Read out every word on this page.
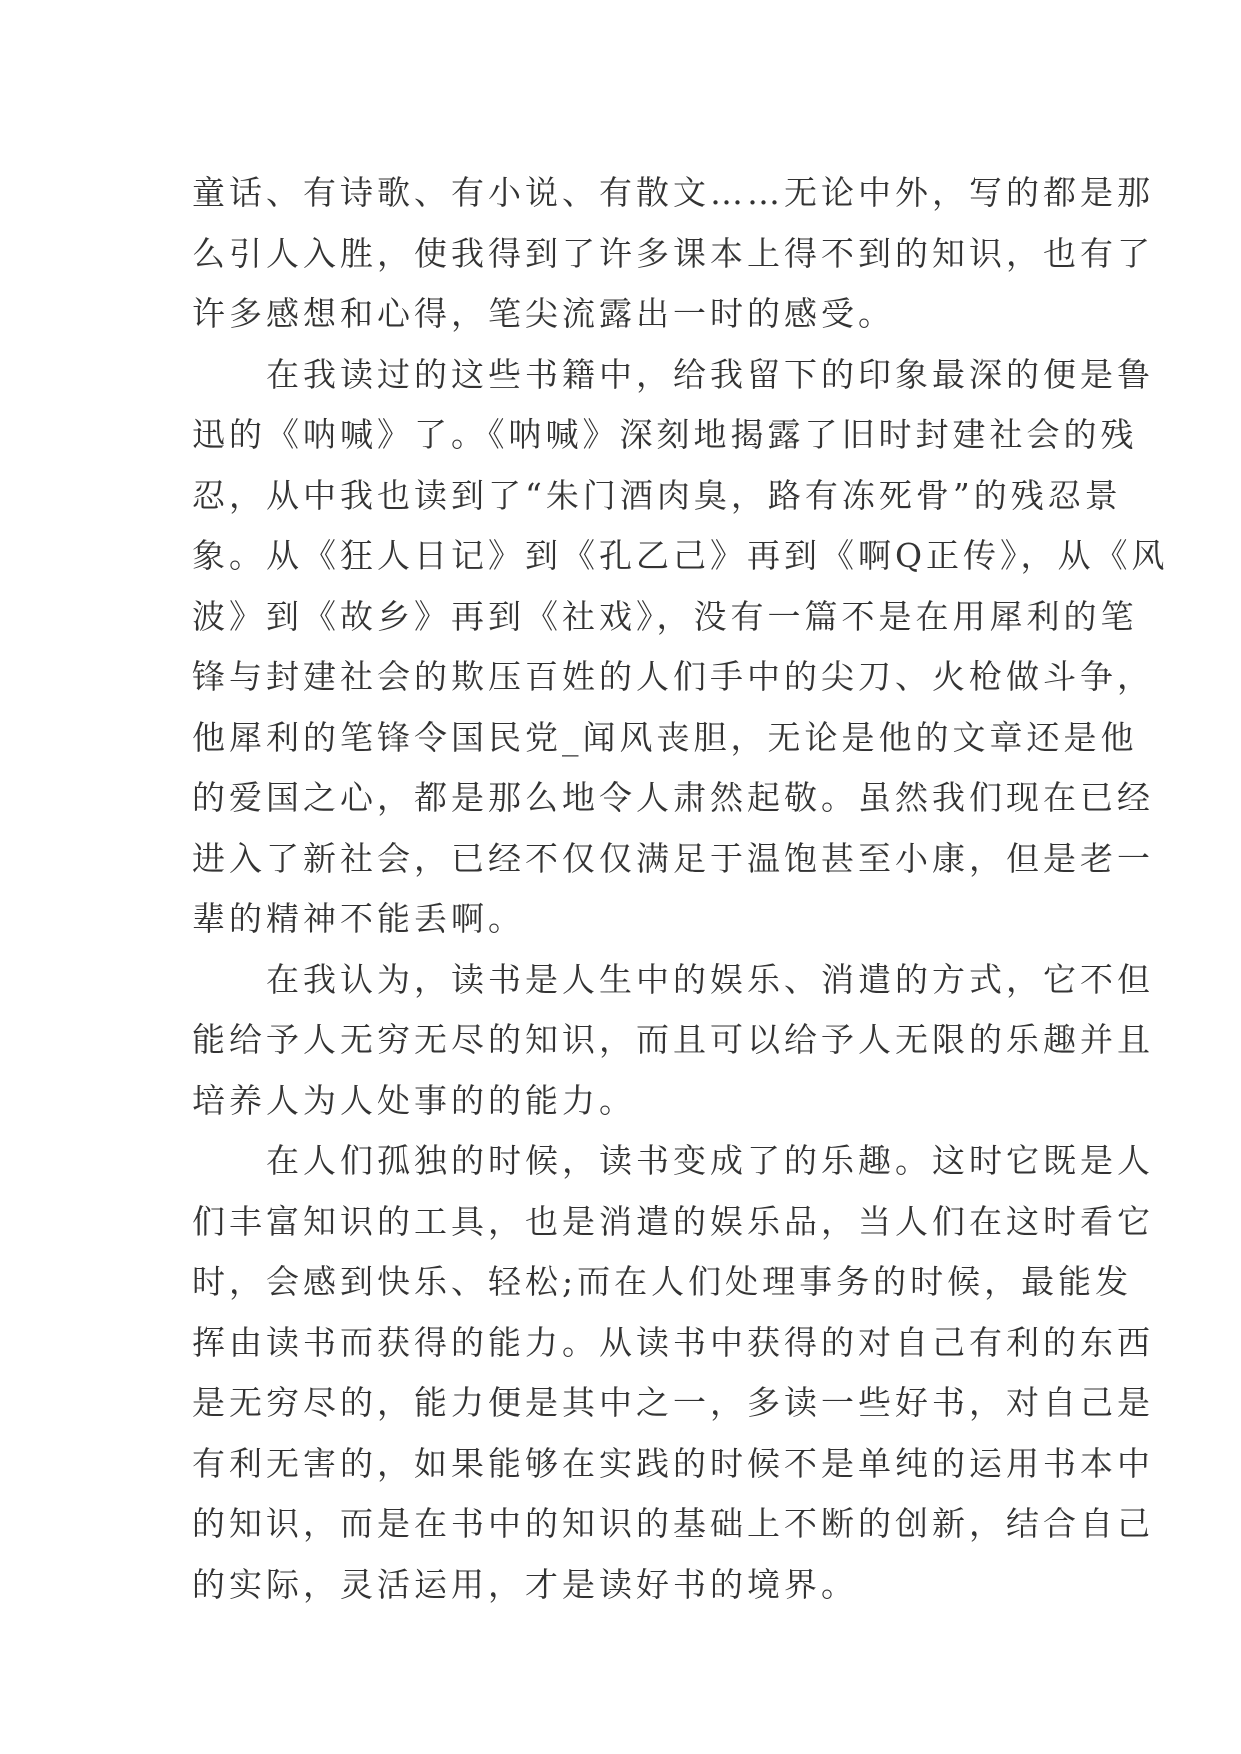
童话、有诗歌、有小说、有散文……无论中外，写的都是那
么引人入胜，使我得到了许多课本上得不到的知识，也有了
许多感想和心得，笔尖流露出一时的感受。
　　在我读过的这些书籍中，给我留下的印象最深的便是鲁
迅的《呐喊》了。《呐喊》深刻地揭露了旧时封建社会的残
忍，从中我也读到了“朱门酒肉臭，路有冻死骨”的残忍景
象。从《狂人日记》到《孔乙己》再到《啊Q正传》，从《风
波》到《故乡》再到《社戏》，没有一篇不是在用犀利的笔
锋与封建社会的欺压百姓的人们手中的尖刀、火枪做斗争，
他犀利的笔锋令国民党_闻风丧胆，无论是他的文章还是他
的爱国之心，都是那么地令人肃然起敬。虽然我们现在已经
进入了新社会，已经不仅仅满足于温饱甚至小康，但是老一
辈的精神不能丢啊。
　　在我认为，读书是人生中的娱乐、消遣的方式，它不但
能给予人无穷无尽的知识，而且可以给予人无限的乐趣并且
培养人为人处事的的能力。
　　在人们孤独的时候，读书变成了的乐趣。这时它既是人
们丰富知识的工具，也是消遣的娱乐品，当人们在这时看它
时，会感到快乐、轻松;而在人们处理事务的时候，最能发
挥由读书而获得的能力。从读书中获得的对自己有利的东西
是无穷尽的，能力便是其中之一，多读一些好书，对自己是
有利无害的，如果能够在实践的时候不是单纯的运用书本中
的知识，而是在书中的知识的基础上不断的创新，结合自己
的实际，灵活运用，才是读好书的境界。
